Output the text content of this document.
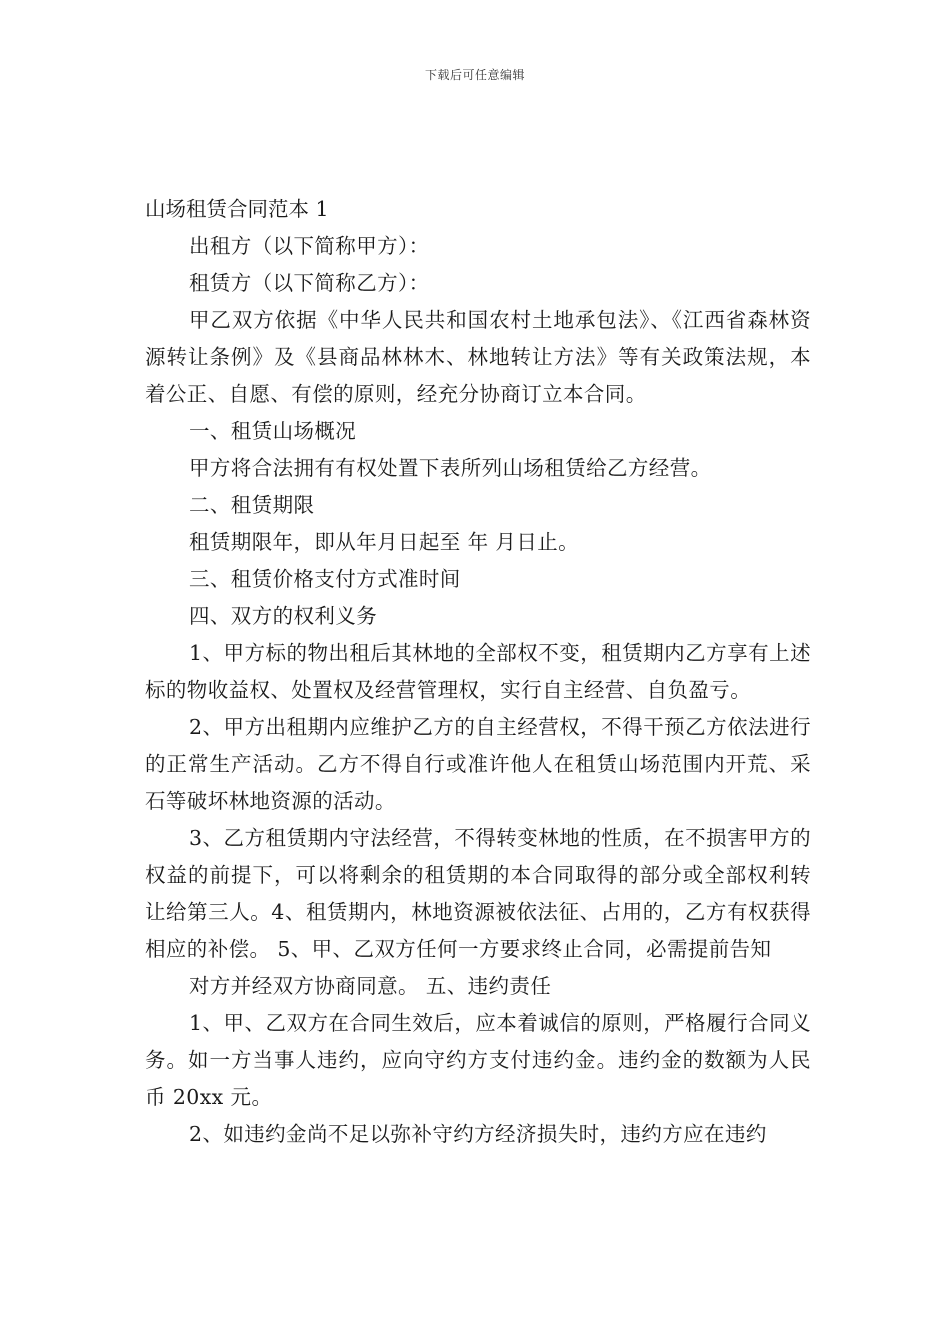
下载后可任意编辑
山场租赁合同范本 1

出租方（以下简称甲方）：

租赁方（以下简称乙方）：

甲乙双方依据《中华人民共和国农村土地承包法》、《江西省森林资源转让条例》及《县商品林林木、林地转让方法》等有关政策法规，本着公正、自愿、有偿的原则，经充分协商订立本合同。

一、租赁山场概况

甲方将合法拥有有权处置下表所列山场租赁给乙方经营。

二、租赁期限

租赁期限年，即从年月日起至 年 月日止。

三、租赁价格支付方式准时间

四、双方的权利义务

1、甲方标的物出租后其林地的全部权不变，租赁期内乙方享有上述标的物收益权、处置权及经营管理权，实行自主经营、自负盈亏。

2、甲方出租期内应维护乙方的自主经营权，不得干预乙方依法进行的正常生产活动。乙方不得自行或准许他人在租赁山场范围内开荒、采石等破坏林地资源的活动。

3、乙方租赁期内守法经营，不得转变林地的性质，在不损害甲方的权益的前提下，可以将剩余的租赁期的本合同取得的部分或全部权利转让给第三人。4、租赁期内，林地资源被依法征、占用的，乙方有权获得相应的补偿。 5、甲、乙双方任何一方要求终止合同，必需提前告知

对方并经双方协商同意。 五、违约责任

1、甲、乙双方在合同生效后，应本着诚信的原则，严格履行合同义务。如一方当事人违约，应向守约方支付违约金。违约金的数额为人民币 20xx 元。

2、如违约金尚不足以弥补守约方经济损失时，违约方应在违约
